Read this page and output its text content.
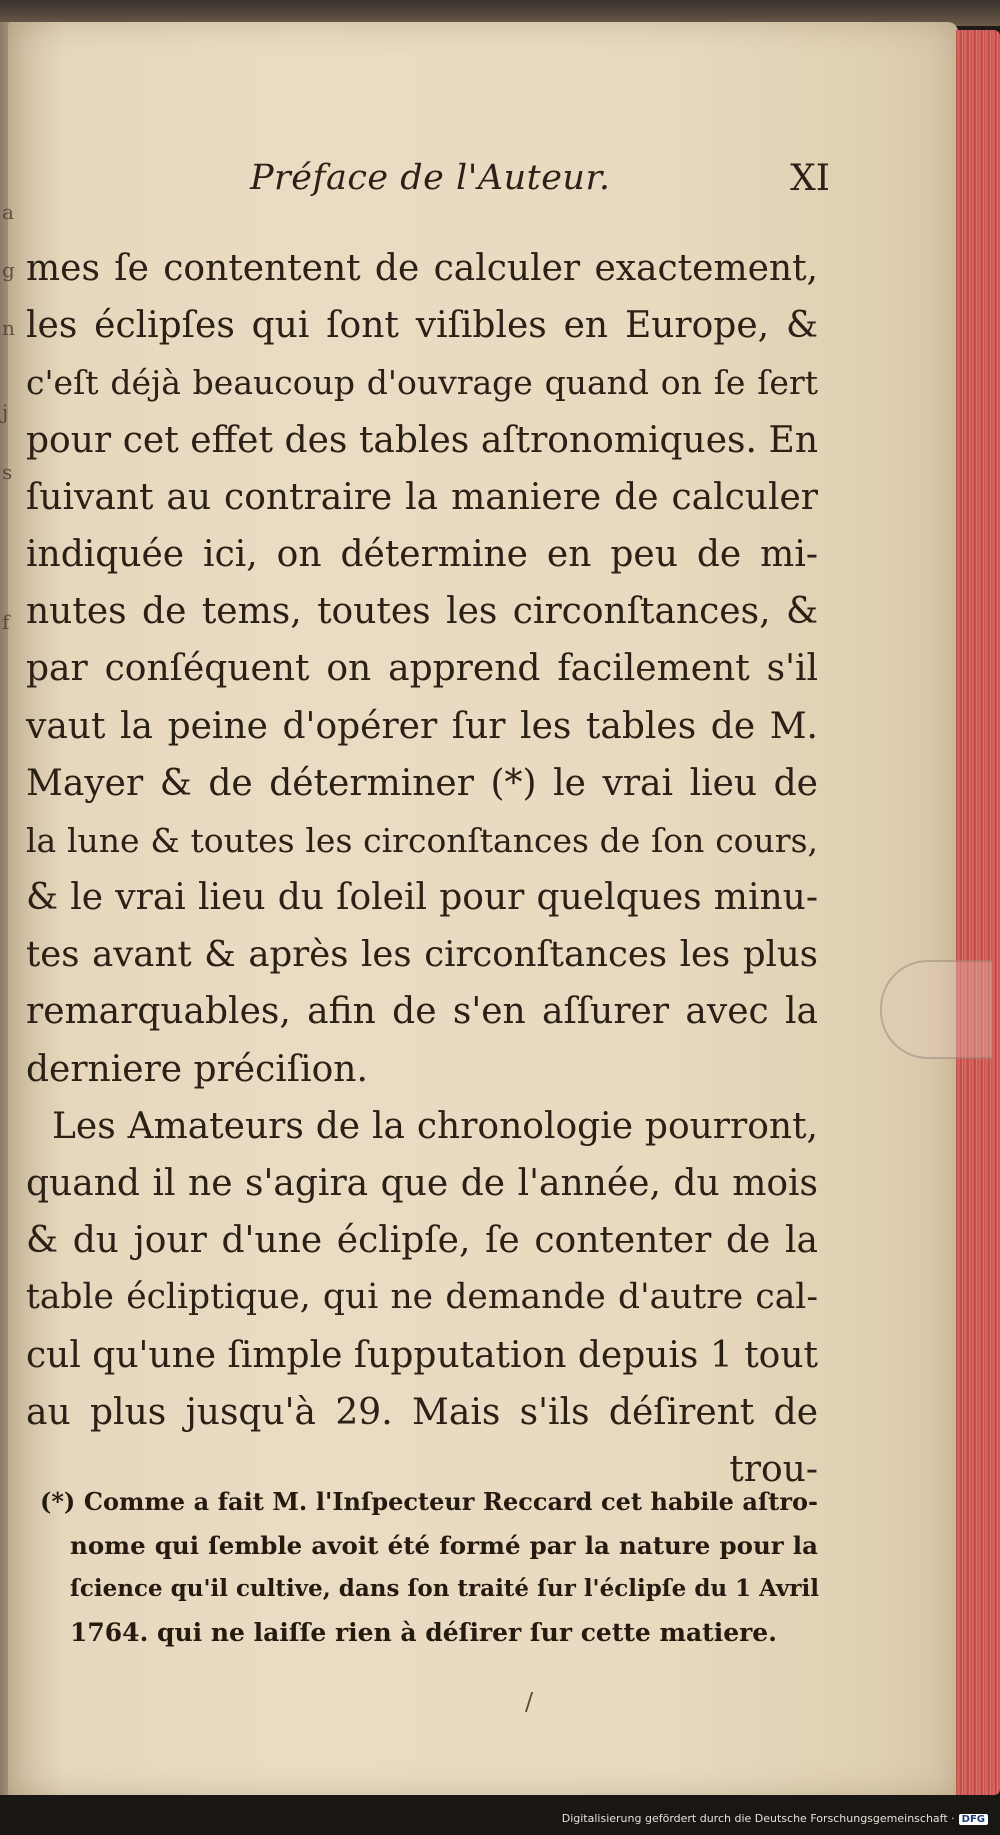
a
g
n
j
s
f
Préface de l'Auteur.	XI
mes ſe contentent de calculer exactement,
les éclipſes qui ſont viſibles en Europe, &
c'eſt déjà beaucoup d'ouvrage quand on ſe ſert
pour cet effet des tables aſtronomiques. En
ſuivant au contraire la maniere de calculer
indiquée ici, on détermine en peu de mi-
nutes de tems, toutes les circonſtances, &
par conſéquent on apprend facilement s'il
vaut la peine d'opérer ſur les tables de M.
Mayer & de déterminer (*) le vrai lieu de
la lune & toutes les circonſtances de ſon cours,
& le vrai lieu du ſoleil pour quelques minu-
tes avant & après les circonſtances les plus
remarquables, afin de s'en aſſurer avec la
derniere préciſion.
Les Amateurs de la chronologie pourront,
quand il ne s'agira que de l'année, du mois
& du jour d'une éclipſe, ſe contenter de la
table écliptique, qui ne demande d'autre cal-
cul qu'une ſimple ſupputation depuis 1 tout
au plus jusqu'à 29. Mais s'ils déſirent de
trou-
(*) Comme a fait M. l'Inſpecteur Reccard cet habile aſtro-
nome qui ſemble avoit été formé par la nature pour la
ſcience qu'il cultive, dans ſon traité ſur l'éclipſe du 1 Avril
1764. qui ne laiſſe rien à déſirer ſur cette matiere.
/
Digitalisierung gefördert durch die Deutsche Forschungsgemeinschaft · DFG
